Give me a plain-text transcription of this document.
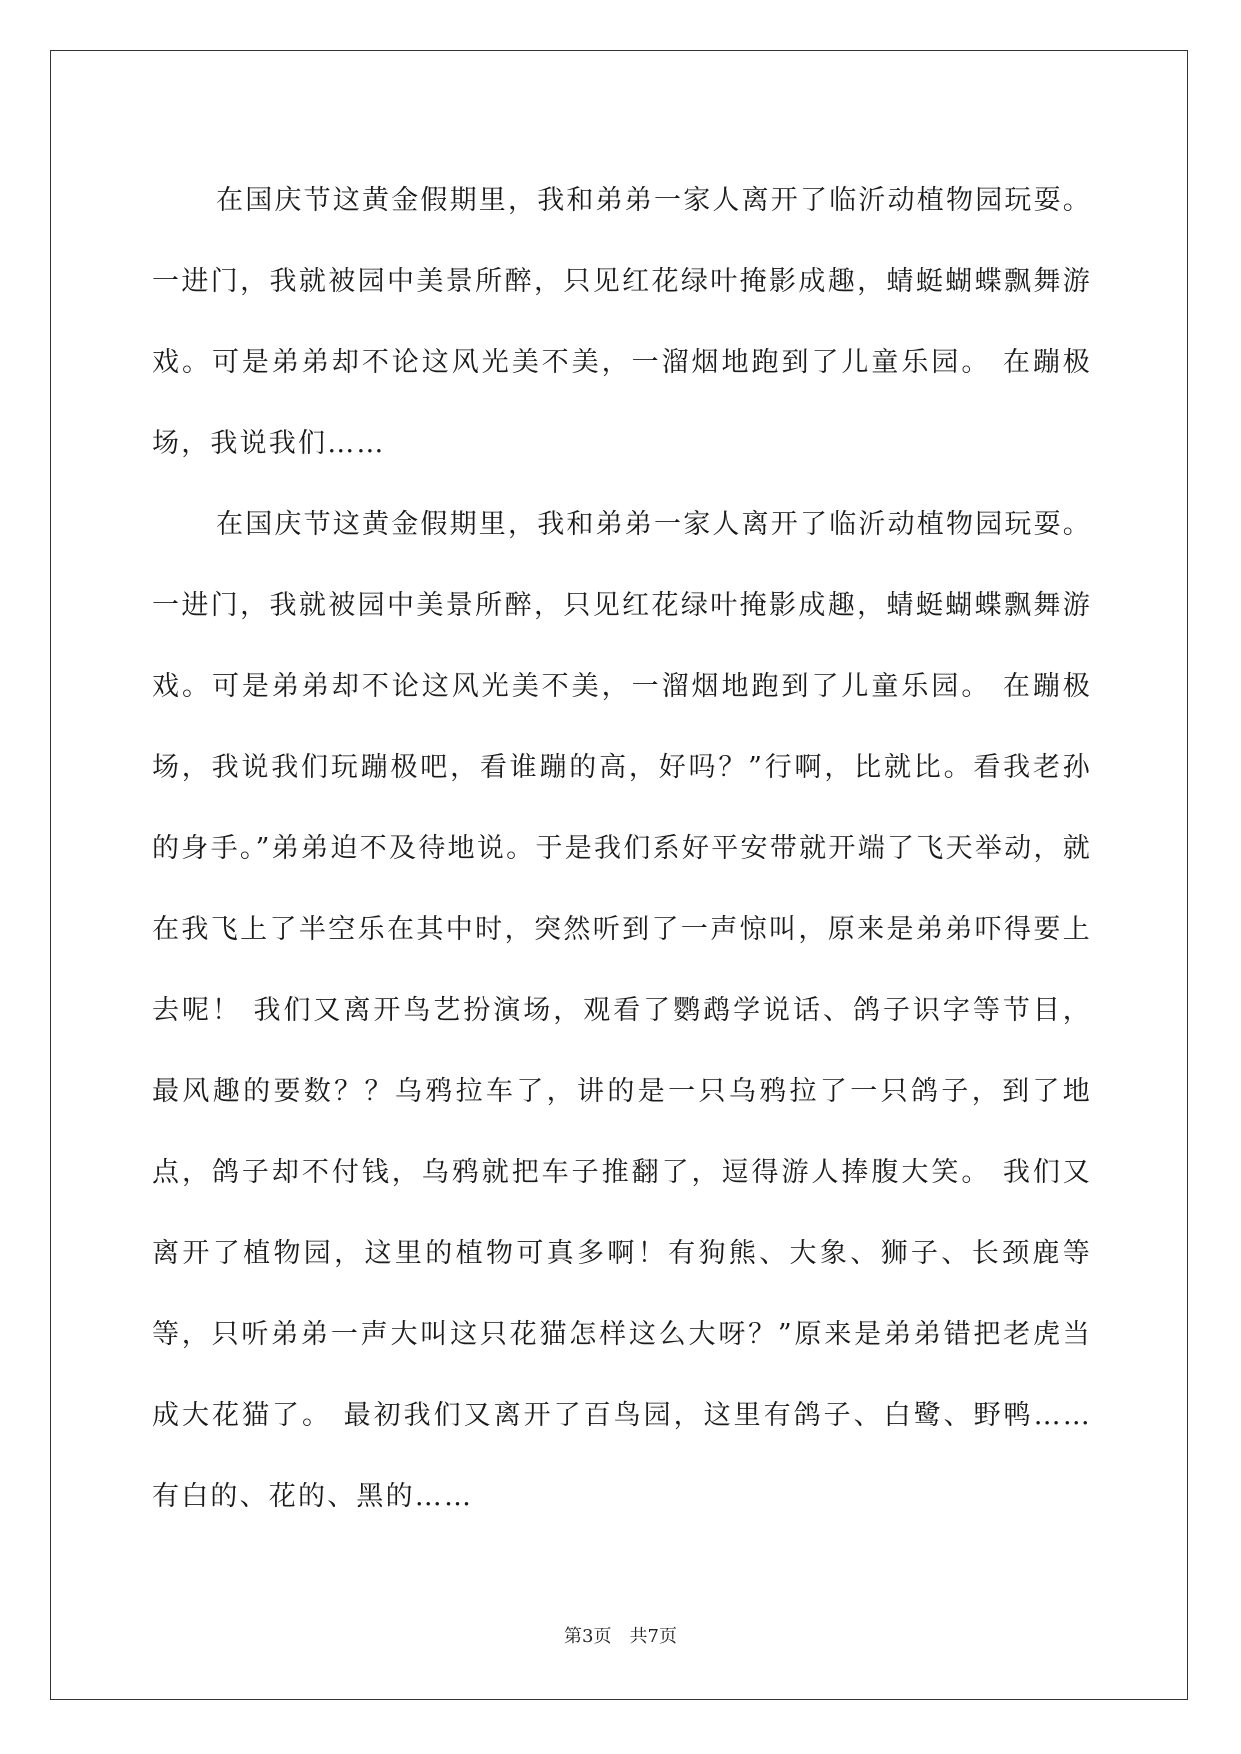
在国庆节这黄金假期里，我和弟弟一家人离开了临沂动植物园玩耍。一进门，我就被园中美景所醉，只见红花绿叶掩影成趣，蜻蜓蝴蝶飘舞游戏。可是弟弟却不论这风光美不美，一溜烟地跑到了儿童乐园。 在蹦极场，我说我们……

在国庆节这黄金假期里，我和弟弟一家人离开了临沂动植物园玩耍。一进门，我就被园中美景所醉，只见红花绿叶掩影成趣，蜻蜓蝴蝶飘舞游戏。可是弟弟却不论这风光美不美，一溜烟地跑到了儿童乐园。 在蹦极场，我说我们玩蹦极吧，看谁蹦的高，好吗？”行啊，比就比。看我老孙的身手。”弟弟迫不及待地说。于是我们系好平安带就开端了飞天举动，就在我飞上了半空乐在其中时，突然听到了一声惊叫，原来是弟弟吓得要上去呢！ 我们又离开鸟艺扮演场，观看了鹦鹉学说话、鸽子识字等节目，最风趣的要数？？乌鸦拉车了，讲的是一只乌鸦拉了一只鸽子，到了地点，鸽子却不付钱，乌鸦就把车子推翻了，逗得游人捧腹大笑。 我们又离开了植物园，这里的植物可真多啊！有狗熊、大象、狮子、长颈鹿等等，只听弟弟一声大叫这只花猫怎样这么大呀？”原来是弟弟错把老虎当成大花猫了。 最初我们又离开了百鸟园，这里有鸽子、白鹭、野鸭……有白的、花的、黑的……

第3页 共7页
